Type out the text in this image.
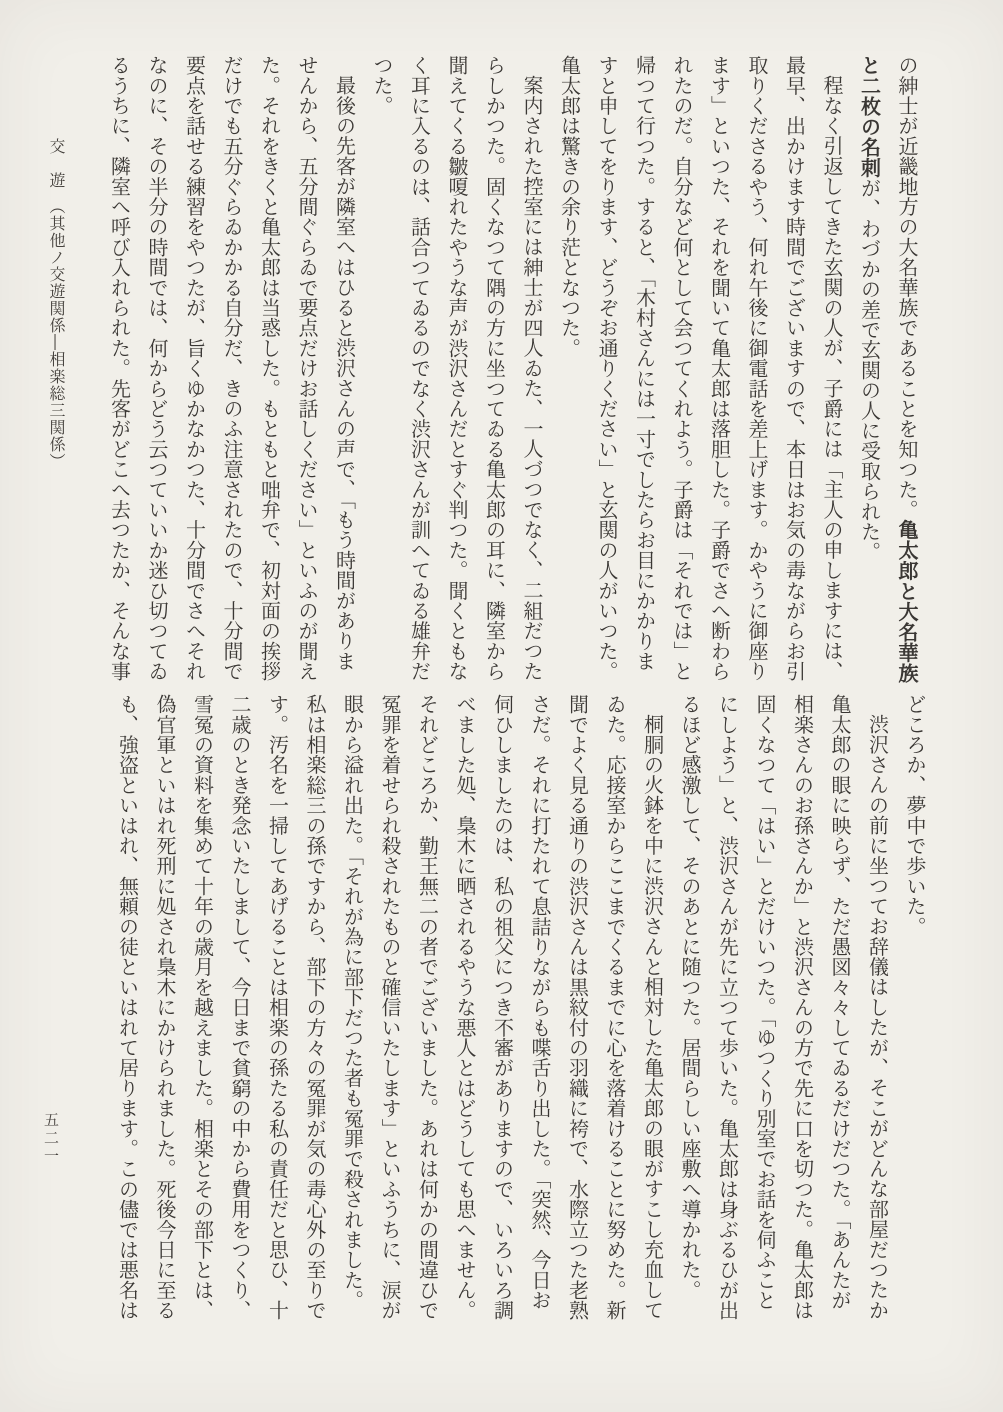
の紳士が近畿地方の大名華族であることを知つた。亀太郎と大名華族
と二枚の名刺が、わづかの差で玄関の人に受取られた。
程なく引返してきた玄関の人が、子爵には「主人の申しますには、
最早、出かけます時間でございますので、本日はお気の毒ながらお引
取りくださるやう、何れ午後に御電話を差上げます。かやうに御座り
ます」といつた、それを聞いて亀太郎は落胆した。子爵でさへ断わら
れたのだ。自分など何として会つてくれよう。子爵は「それでは」と
帰つて行つた。すると、「木村さんには一寸でしたらお目にかかりま
すと申してをります、どうぞお通りください」と玄関の人がいつた。
亀太郎は驚きの余り茫となつた。
案内された控室には紳士が四人ゐた、一人づつでなく、二組だつた
らしかつた。固くなつて隅の方に坐つてゐる亀太郎の耳に、隣室から
聞えてくる皺嗄れたやうな声が渋沢さんだとすぐ判つた。聞くともな
く耳に入るのは、話合つてゐるのでなく渋沢さんが訓へてゐる雄弁だ
つた。
最後の先客が隣室へはひると渋沢さんの声で、「もう時間がありま
せんから、五分間ぐらゐで要点だけお話しください」といふのが聞え
た。それをきくと亀太郎は当惑した。もともと咄弁で、初対面の挨拶
だけでも五分ぐらゐかかる自分だ、きのふ注意されたので、十分間で
要点を話せる練習をやつたが、旨くゆかなかつた、十分間でさへそれ
なのに、その半分の時間では、何からどう云つていいか迷ひ切つてゐ
るうちに、隣室へ呼び入れられた。先客がどこへ去つたか、そんな事
どころか、夢中で歩いた。
渋沢さんの前に坐つてお辞儀はしたが、そこがどんな部屋だつたか
亀太郎の眼に映らず、ただ愚図々々してゐるだけだつた。「あんたが
相楽さんのお孫さんか」と渋沢さんの方で先に口を切つた。亀太郎は
固くなつて「はい」とだけいつた。「ゆつくり別室でお話を伺ふこと
にしよう」と、渋沢さんが先に立つて歩いた。亀太郎は身ぶるひが出
るほど感激して、そのあとに随つた。居間らしい座敷へ導かれた。
桐胴の火鉢を中に渋沢さんと相対した亀太郎の眼がすこし充血して
ゐた。応接室からここまでくるまでに心を落着けることに努めた。新
聞でよく見る通りの渋沢さんは黒紋付の羽織に袴で、水際立つた老熟
さだ。それに打たれて息詰りながらも喋舌り出した。「突然、今日お
伺ひしましたのは、私の祖父につき不審がありますので、いろいろ調
べました処、梟木に晒されるやうな悪人とはどうしても思へません。
それどころか、勤王無二の者でございました。あれは何かの間違ひで
冤罪を着せられ殺されたものと確信いたします」といふうちに、涙が
眼から溢れ出た。「それが為に部下だつた者も冤罪で殺されました。
私は相楽総三の孫ですから、部下の方々の冤罪が気の毒心外の至りで
す。汚名を一掃してあげることは相楽の孫たる私の責任だと思ひ、十
二歳のとき発念いたしまして、今日まで貧窮の中から費用をつくり、
雪冤の資料を集めて十年の歳月を越えました。相楽とその部下とは、
偽官軍といはれ死刑に処され梟木にかけられました。死後今日に至る
も、強盗といはれ、無頼の徒といはれて居ります。この儘では悪名は
交　遊　（其他ノ交遊関係―相楽総三関係）
五二一
